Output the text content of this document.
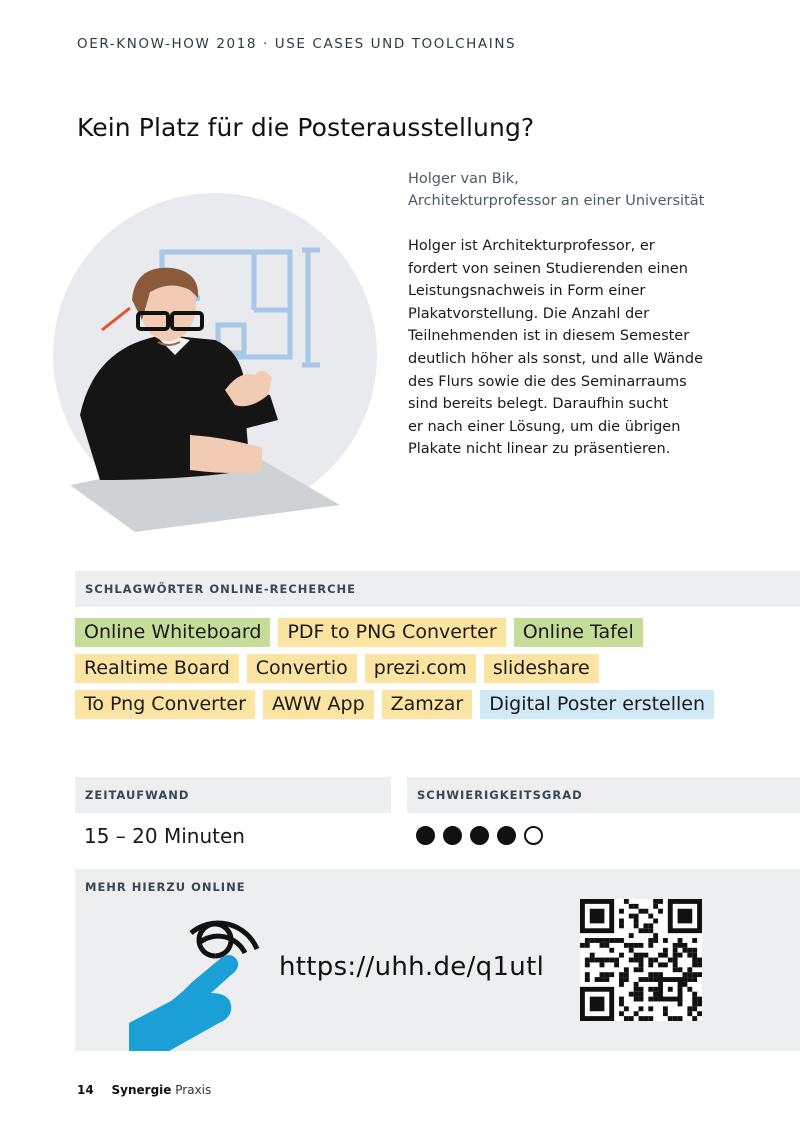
OER-KNOW-HOW 2018 · USE CASES UND TOOLCHAINS
Kein Platz für die Posterausstellung?
Holger van Bik,
Architekturprofessor an einer Universität
Holger ist Architekturprofessor, er
fordert von seinen Studierenden einen
Leistungsnachweis in Form einer
Plakatvorstellung. Die Anzahl der
Teilnehmenden ist in diesem Semester
deutlich höher als sonst, und alle Wände
des Flurs sowie die des Seminarraums
sind bereits belegt. Daraufhin sucht
er nach einer Lösung, um die übrigen
Plakate nicht linear zu präsentieren.
SCHLAGWÖRTER ONLINE-RECHERCHE
Online Whiteboard	PDF to PNG Converter	Online Tafel
Realtime Board	Convertio	prezi.com	slideshare
To Png Converter	AWW App	Zamzar	Digital Poster erstellen
ZEITAUFWAND	SCHWIERIGKEITSGRAD
15 – 20 Minuten
MEHR HIERZU ONLINE
https://uhh.de/q1utl
14 Synergie Praxis
